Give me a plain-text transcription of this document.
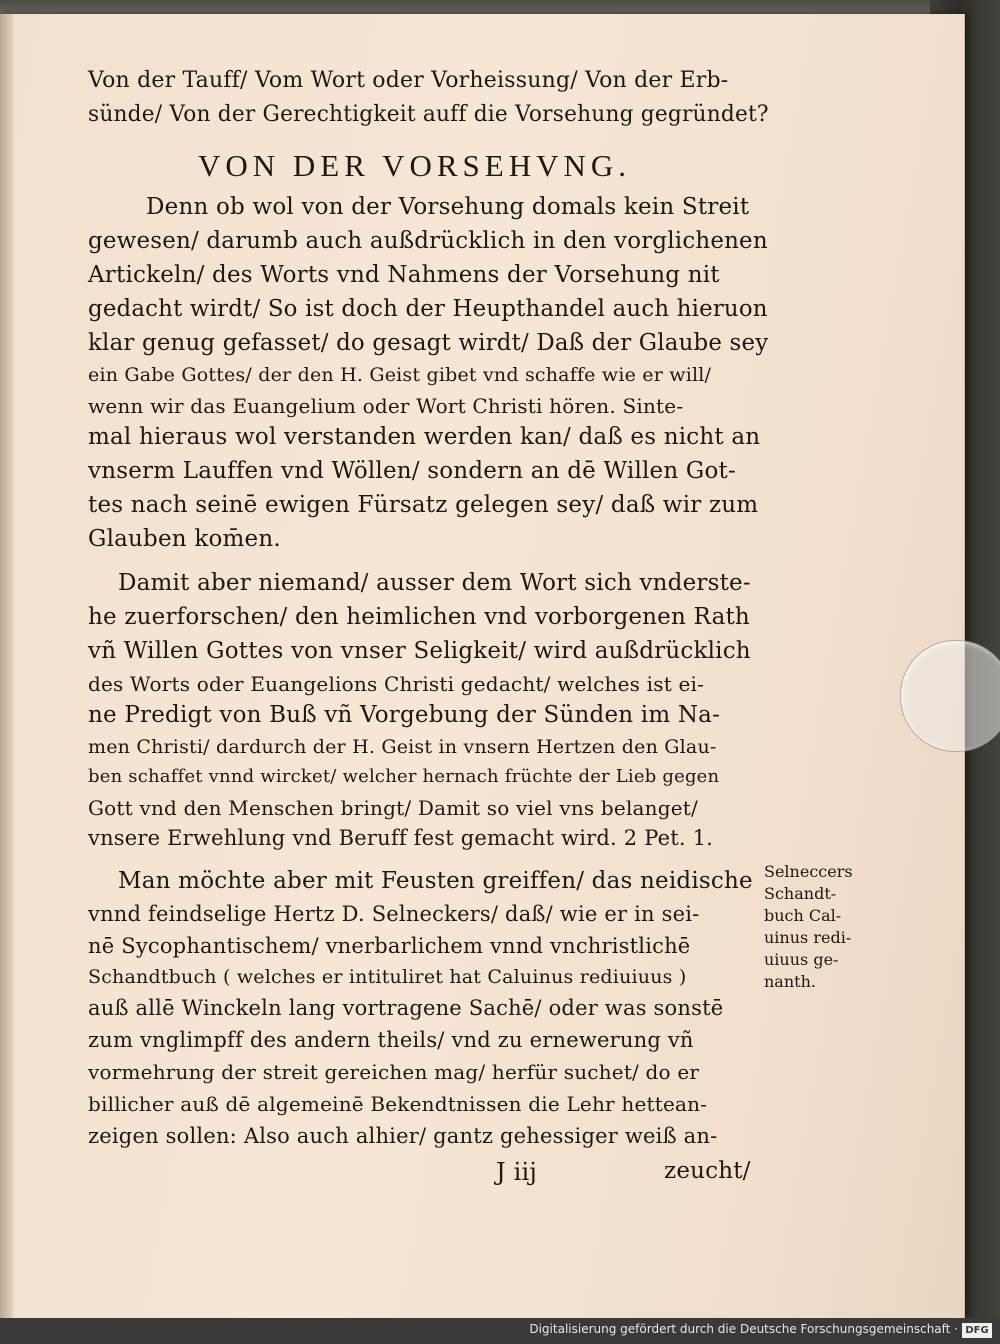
Von der Tauff/ Vom Wort oder Vorheissung/ Von der Erb-
sünde/ Von der Gerechtigkeit auff die Vorsehung gegründet?
VON DER VORSEHVNG.
Denn ob wol von der Vorsehung domals kein Streit
gewesen/ darumb auch außdrücklich in den vorglichenen
Artickeln/ des Worts vnd Nahmens der Vorsehung nit
gedacht wirdt/ So ist doch der Heupthandel auch hieruon
klar genug gefasset/ do gesagt wirdt/ Daß der Glaube sey
ein Gabe Gottes/ der den H. Geist gibet vnd schaffe wie er will/
wenn wir das Euangelium oder Wort Christi hören. Sinte-
mal hieraus wol verstanden werden kan/ daß es nicht an
vnserm Lauffen vnd Wöllen/ sondern an dē Willen Got-
tes nach seinē ewigen Fürsatz gelegen sey/ daß wir zum
Glauben kom̄en.
Damit aber niemand/ ausser dem Wort sich vnderste-
he zuerforschen/ den heimlichen vnd vorborgenen Rath
vñ Willen Gottes von vnser Seligkeit/ wird außdrücklich
des Worts oder Euangelions Christi gedacht/ welches ist ei-
ne Predigt von Buß vñ Vorgebung der Sünden im Na-
men Christi/ dardurch der H. Geist in vnsern Hertzen den Glau-
ben schaffet vnnd wircket/ welcher hernach früchte der Lieb gegen
Gott vnd den Menschen bringt/ Damit so viel vns belanget/
vnsere Erwehlung vnd Beruff fest gemacht wird. 2 Pet. 1.
Man möchte aber mit Feusten greiffen/ das neidische
vnnd feindselige Hertz D. Selneckers/ daß/ wie er in sei-
nē Sycophantischem/ vnerbarlichem vnnd vnchristlichē
Schandtbuch ( welches er intituliret hat Caluinus rediuiuus )
auß allē Winckeln lang vortragene Sachē/ oder was sonstē
zum vnglimpff des andern theils/ vnd zu ernewerung vñ
vormehrung der streit gereichen mag/ herfür suchet/ do er
billicher auß dē algemeinē Bekendtnissen die Lehr hettean-
zeigen sollen: Also auch alhier/ gantz gehessiger weiß an-
J iij	zeucht/
Selneccers
Schandt-
buch Cal-
uinus redi-
uiuus ge-
nanth.
Digitalisierung gefördert durch die Deutsche Forschungsgemeinschaft · DFG
